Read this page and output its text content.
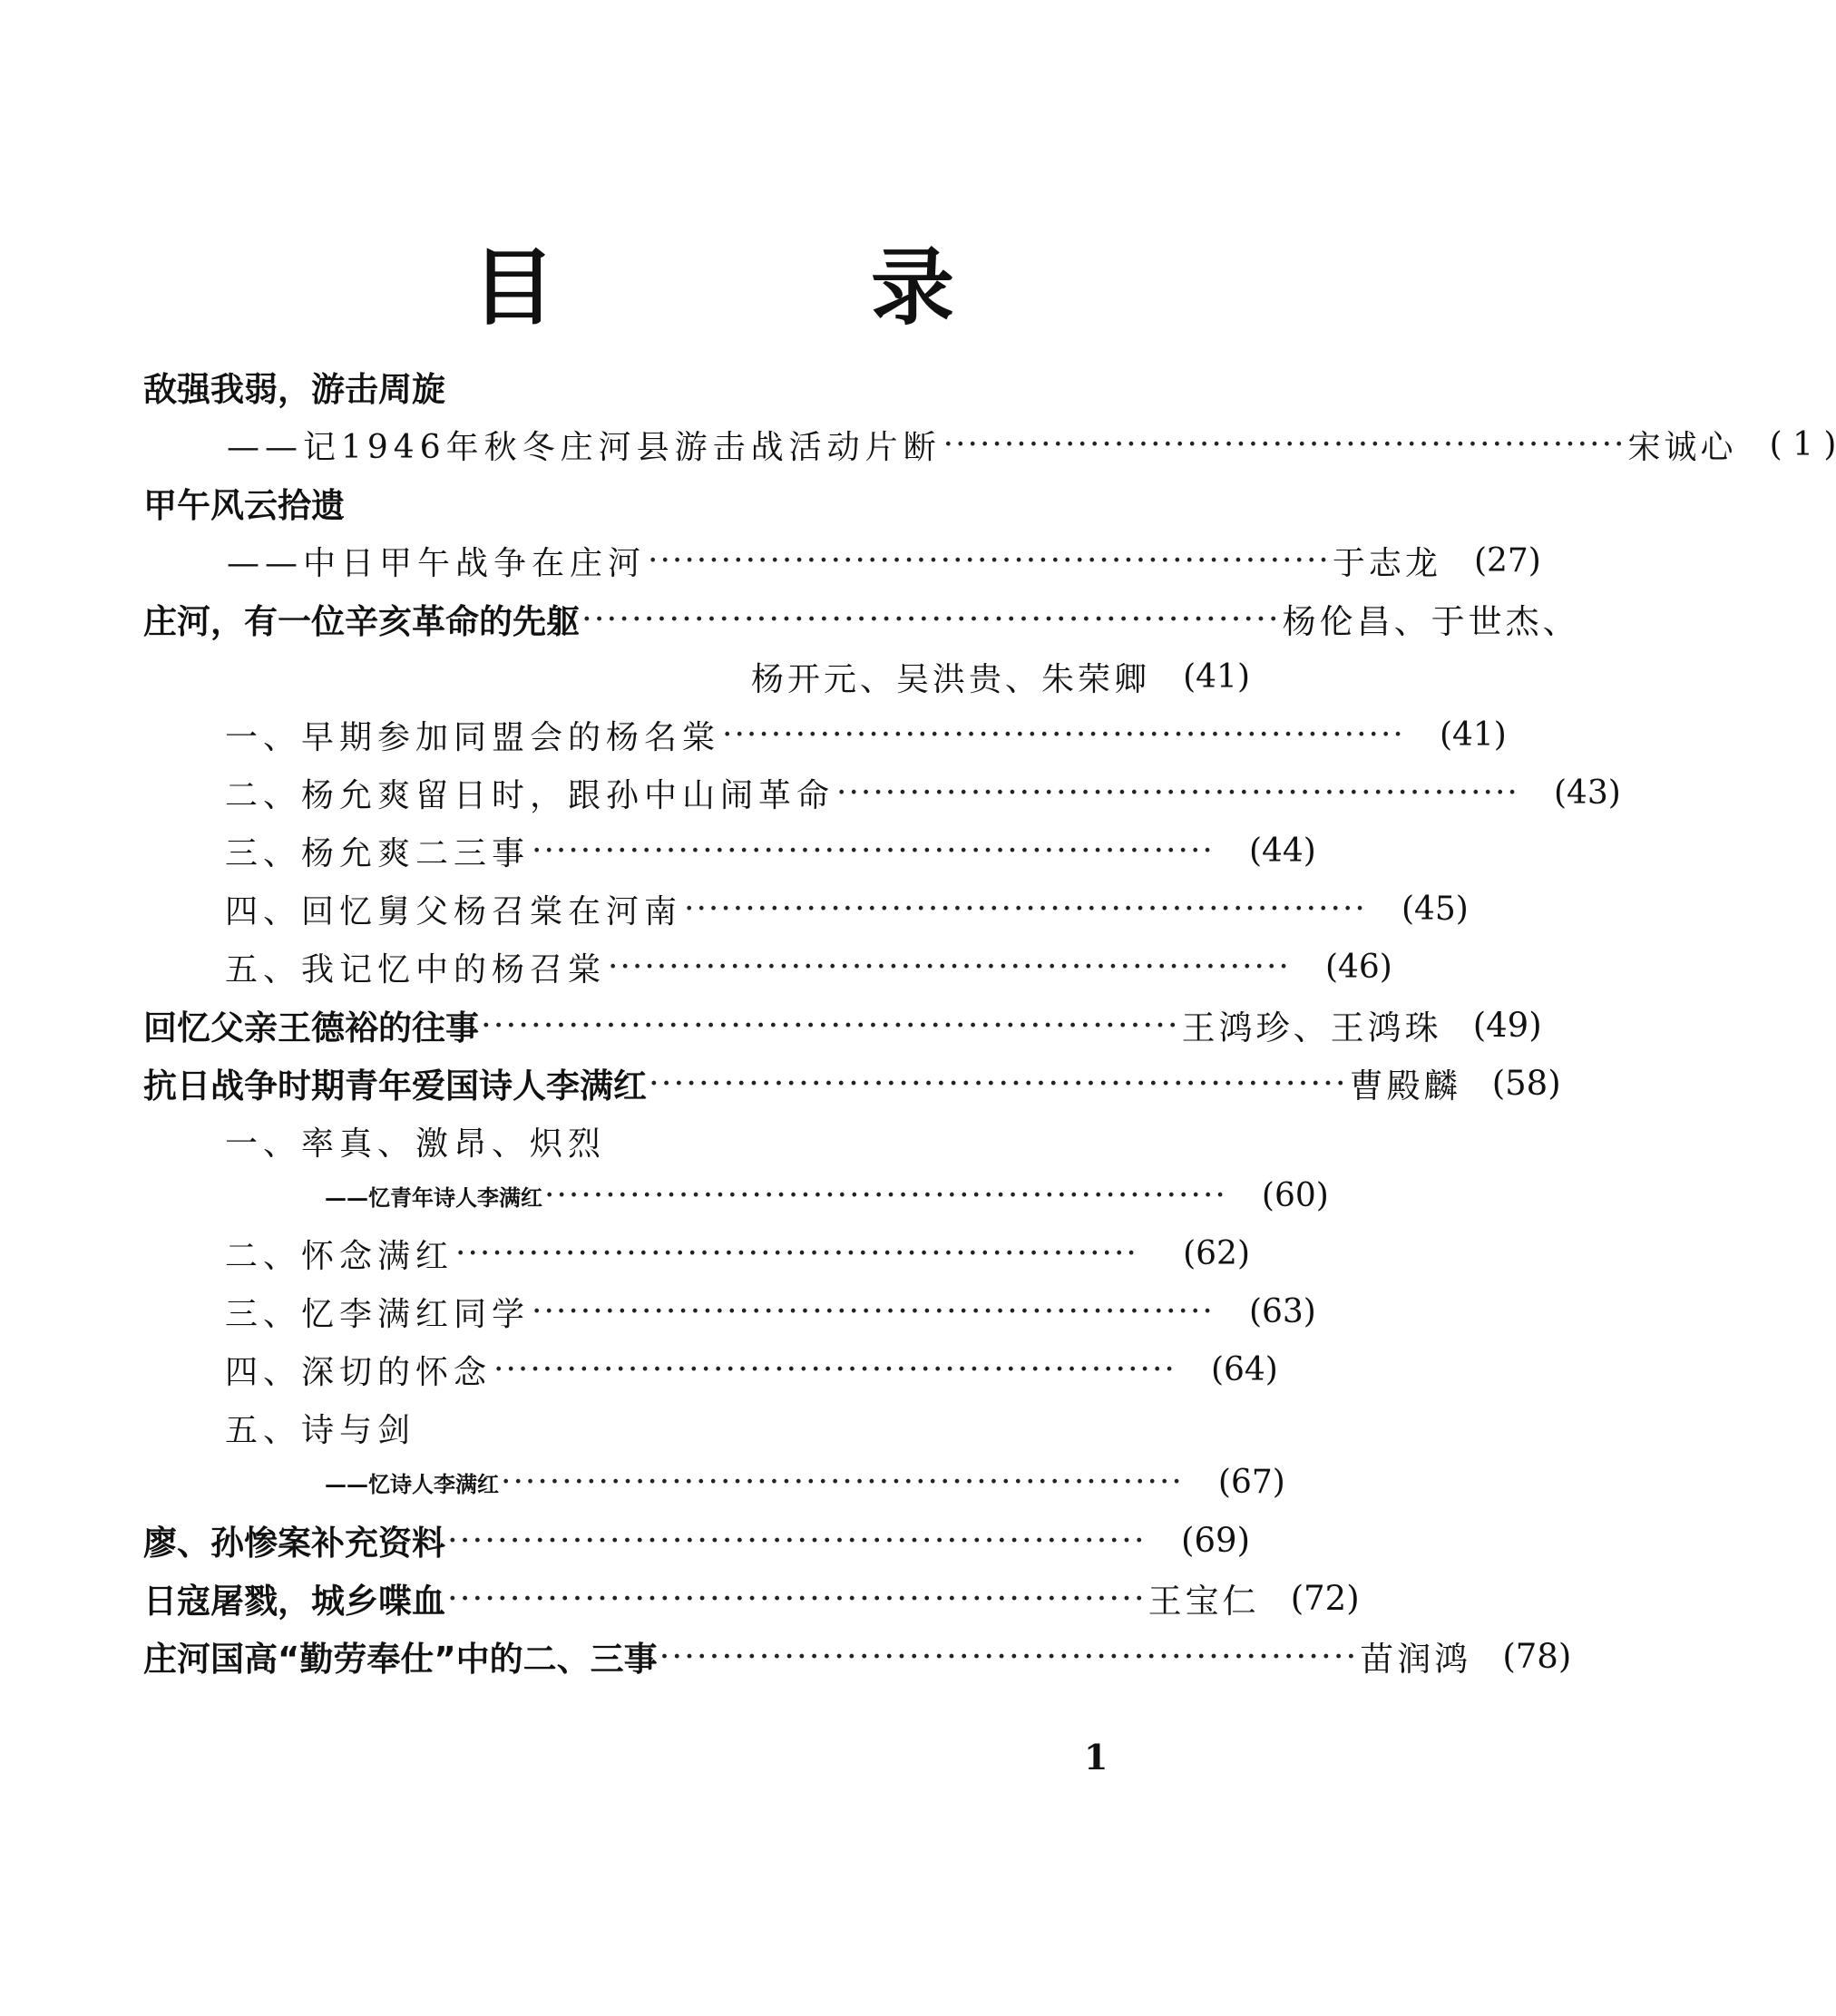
目	录
敌强我弱，游击周旋
——记1946年秋冬庄河县游击战活动片断 ························································ 宋诚心	( 1 )
甲午风云拾遗
——中日甲午战争在庄河 ························································ 于志龙	(27)
庄河，有一位辛亥革命的先躯 ························································ 杨伦昌、于世杰、
杨开元、吴洪贵、朱荣卿	(41)
一、早期参加同盟会的杨名棠 ························································	(41)
二、杨允爽留日时，跟孙中山闹革命 ························································	(43)
三、杨允爽二三事 ························································	(44)
四、回忆舅父杨召棠在河南 ························································	(45)
五、我记忆中的杨召棠 ························································	(46)
回忆父亲王德裕的往事 ························································ 王鸿珍、王鸿珠 (49)
抗日战争时期青年爱国诗人李满红 ························································ 曹殿麟 (58)
一、率真、激昂、炽烈
——忆青年诗人李满红 ························································	(60)
二、怀念满红 ························································	(62)
三、忆李满红同学 ························································	(63)
四、深切的怀念 ························································	(64)
五、诗与剑
——忆诗人李满红 ························································	(67)
廖、孙惨案补充资料 ························································	(69)
日寇屠戮，城乡喋血 ························································ 王宝仁 (72)
庄河国高“勤劳奉仕”中的二、三事 ························································ 苗润鸿 (78)
1
